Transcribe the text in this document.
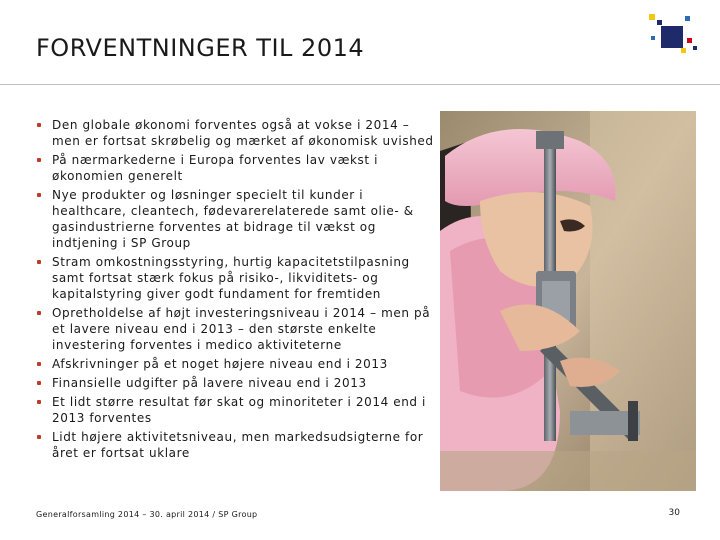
FORVENTNINGER TIL 2014
Den globale økonomi forventes også at vokse i 2014 – men er fortsat skrøbelig og mærket af økonomisk uvished
På nærmarkederne i Europa forventes lav vækst i økonomien generelt
Nye produkter og løsninger specielt til kunder i healthcare, cleantech, fødevarerelaterede samt olie- & gasindustrierne forventes at bidrage til vækst og indtjening i SP Group
Stram omkostningsstyring, hurtig kapacitetstilpasning samt fortsat stærk fokus på risiko-, likviditets- og kapitalstyring giver godt fundament for fremtiden
Opretholdelse af højt investeringsniveau i 2014 – men på et lavere niveau end i 2013 – den største enkelte investering forventes i medico aktiviteterne
Afskrivninger på et noget højere niveau end i 2013
Finansielle udgifter på lavere niveau end i 2013
Et lidt større resultat før skat og minoriteter i 2014 end i 2013 forventes
Lidt højere aktivitetsniveau, men markedsudsigterne for året er fortsat uklare
Generalforsamling 2014 – 30. april 2014 / SP Group	30
